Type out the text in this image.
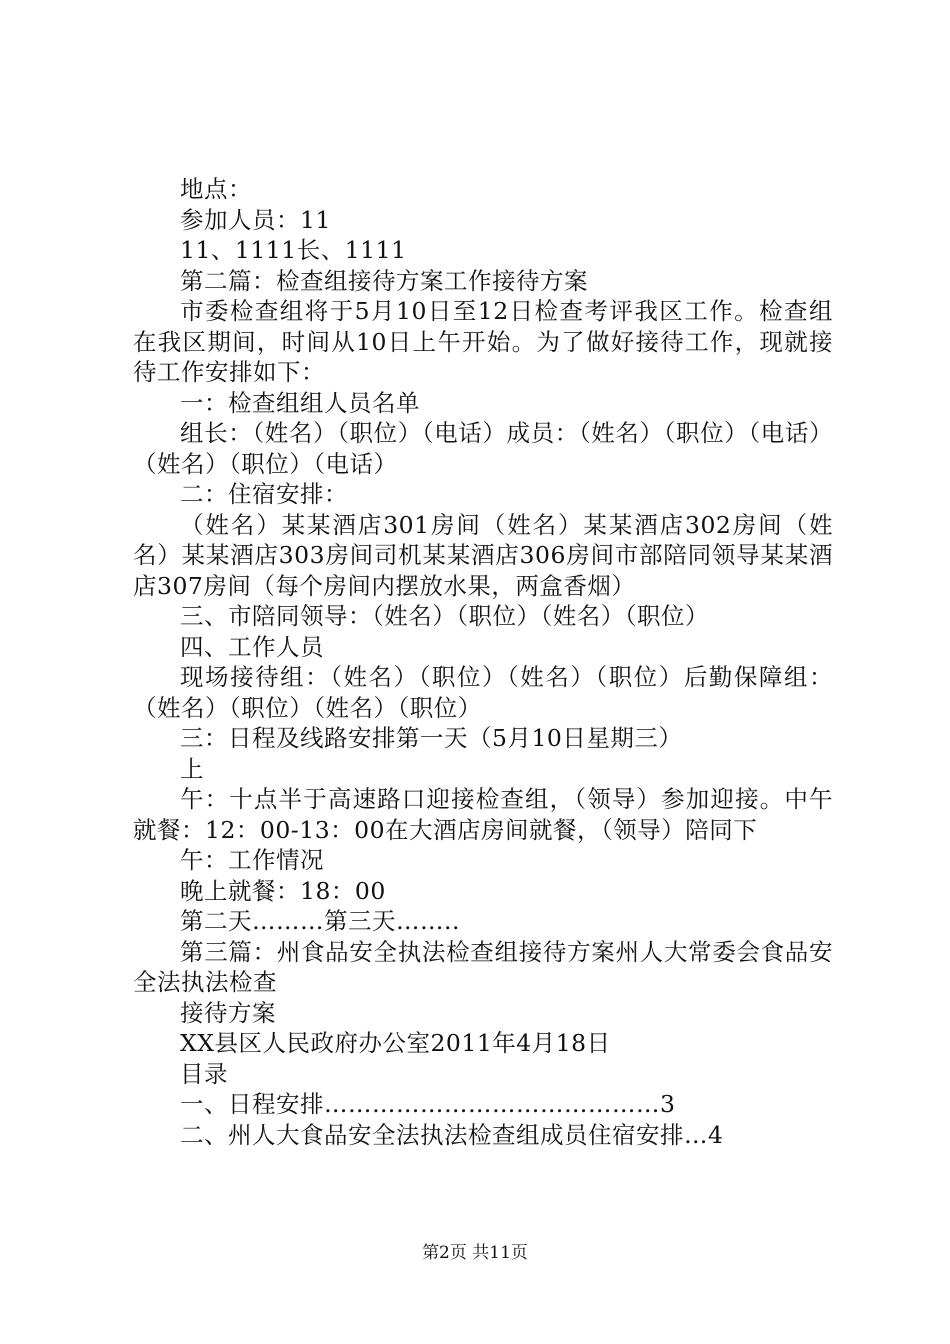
地点：

参加人员：11

11、1111长、1111

第二篇：检查组接待方案工作接待方案

市委检查组将于5月10日至12日检查考评我区工作。检查组在我区期间，时间从10日上午开始。为了做好接待工作，现就接待工作安排如下：

一：检查组组人员名单

组长：（姓名）（职位）（电话）成员：（姓名）（职位）（电话）（姓名）（职位）（电话）

二：住宿安排：

（姓名）某某酒店301房间（姓名）某某酒店302房间（姓名）某某酒店303房间司机某某酒店306房间市部陪同领导某某酒店307房间（每个房间内摆放水果，两盒香烟）

三、市陪同领导：（姓名）（职位）（姓名）（职位）

四、工作人员

现场接待组：（姓名）（职位）（姓名）（职位）后勤保障组：（姓名）（职位）（姓名）（职位）

三：日程及线路安排第一天（5月10日星期三）

上

午：十点半于高速路口迎接检查组，（领导）参加迎接。中午就餐：12：00-13：00在大酒店房间就餐，（领导）陪同下

午：工作情况

晚上就餐：18：00

第二天………第三天……..

第三篇：州食品安全执法检查组接待方案州人大常委会食品安全法执法检查

接待方案

XX县区人民政府办公室2011年4月18日

目录

一、日程安排……………………………………3

二、州人大食品安全法执法检查组成员住宿安排…4

第2页 共11页
